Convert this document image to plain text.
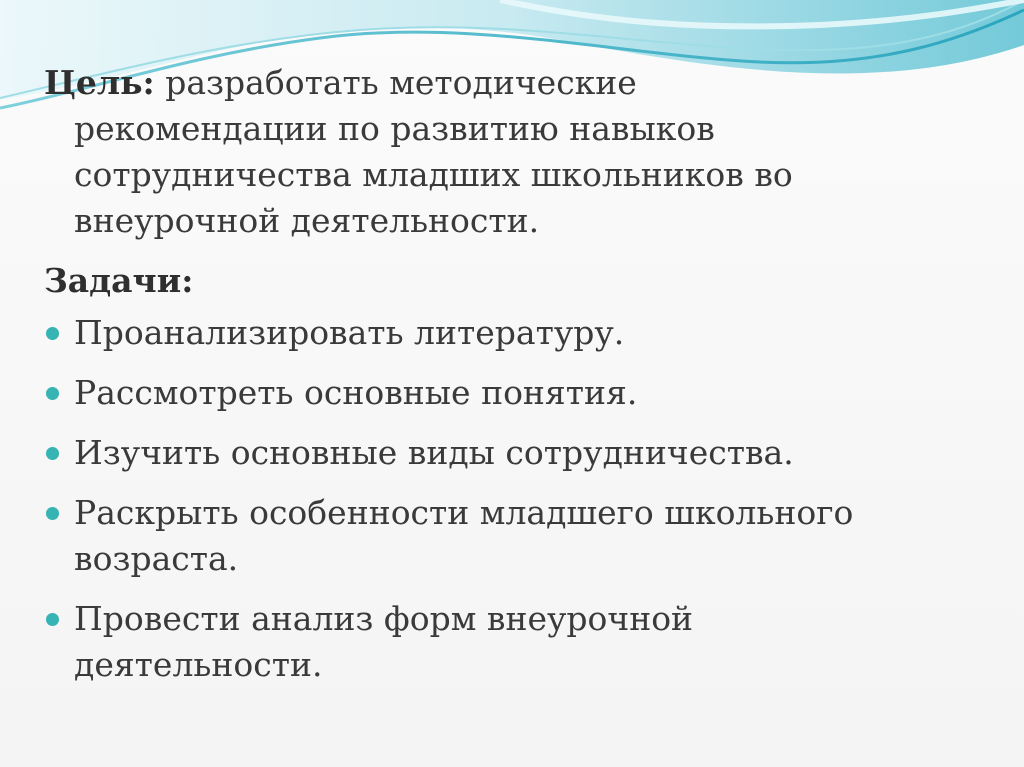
Цель: разработать методические
рекомендации по развитию навыков
сотрудничества младших школьников во
внеурочной деятельности.
Задачи:
Проанализировать литературу.
Рассмотреть основные понятия.
Изучить основные виды сотрудничества.
Раскрыть особенности младшего школьного
возраста.
Провести анализ форм внеурочной
деятельности.
